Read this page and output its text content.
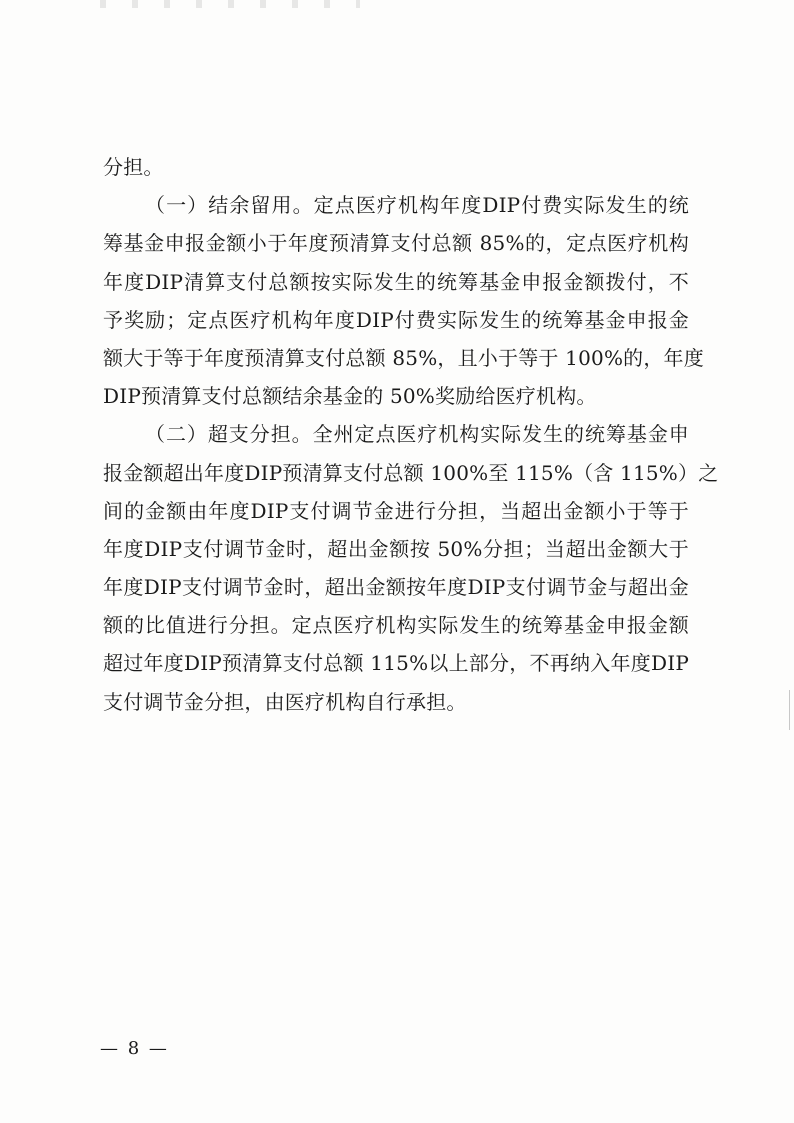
分担。
（一）结余留用。定点医疗机构年度DIP付费实际发生的统
筹基金申报金额小于年度预清算支付总额 85%的，定点医疗机构
年度DIP清算支付总额按实际发生的统筹基金申报金额拨付，不
予奖励；定点医疗机构年度DIP付费实际发生的统筹基金申报金
额大于等于年度预清算支付总额 85%，且小于等于 100%的，年度
DIP预清算支付总额结余基金的 50%奖励给医疗机构。
（二）超支分担。全州定点医疗机构实际发生的统筹基金申
报金额超出年度DIP预清算支付总额 100%至 115%（含 115%）之
间的金额由年度DIP支付调节金进行分担，当超出金额小于等于
年度DIP支付调节金时，超出金额按 50%分担；当超出金额大于
年度DIP支付调节金时，超出金额按年度DIP支付调节金与超出金
额的比值进行分担。定点医疗机构实际发生的统筹基金申报金额
超过年度DIP预清算支付总额 115%以上部分，不再纳入年度DIP
支付调节金分担，由医疗机构自行承担。
— 8 —
